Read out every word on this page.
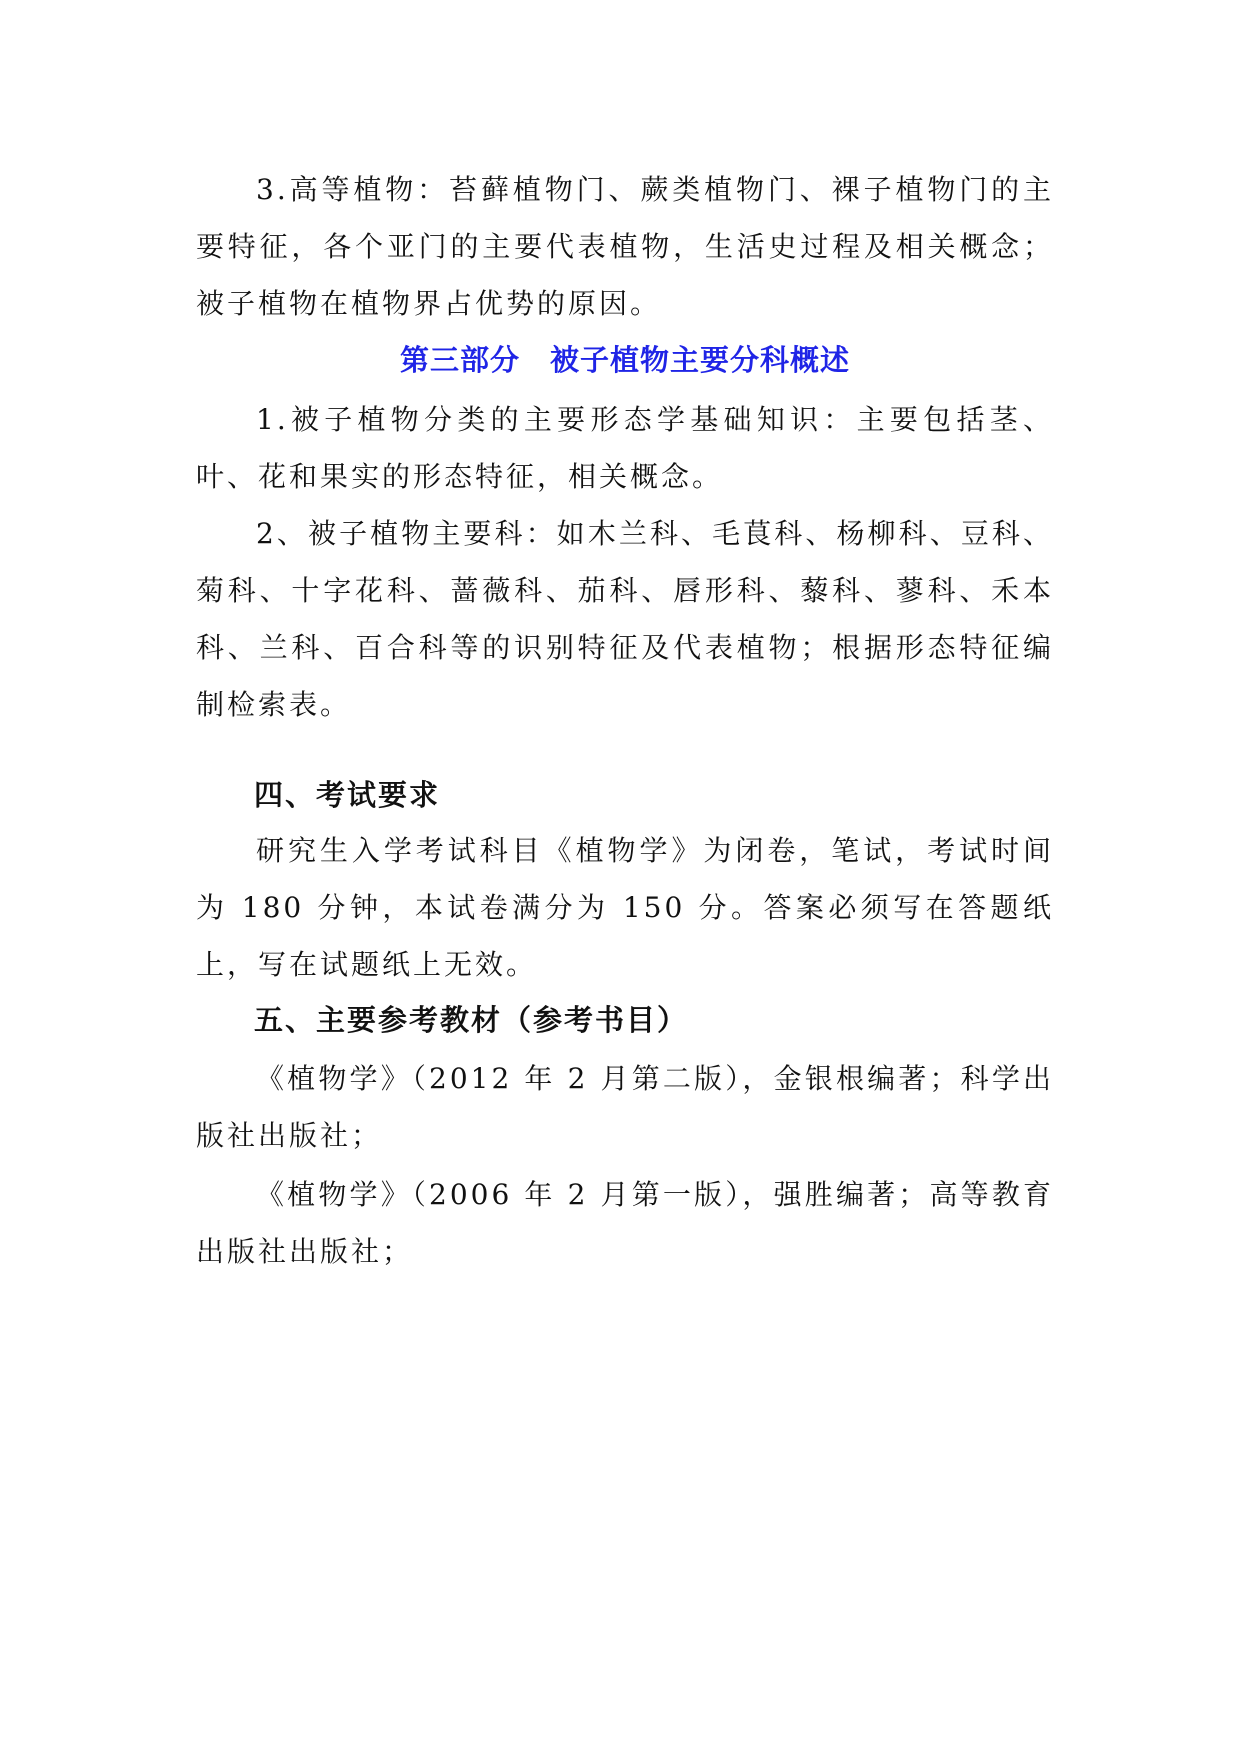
3.高等植物：苔藓植物门、蕨类植物门、裸子植物门的主要特征，各个亚门的主要代表植物，生活史过程及相关概念；被子植物在植物界占优势的原因。

第三部分　被子植物主要分科概述

1.被子植物分类的主要形态学基础知识：主要包括茎、叶、花和果实的形态特征，相关概念。

2、被子植物主要科：如木兰科、毛茛科、杨柳科、豆科、菊科、十字花科、蔷薇科、茄科、唇形科、藜科、蓼科、禾本科、兰科、百合科等的识别特征及代表植物；根据形态特征编制检索表。

四、考试要求

研究生入学考试科目《植物学》为闭卷，笔试，考试时间为 180 分钟，本试卷满分为 150 分。答案必须写在答题纸上，写在试题纸上无效。

五、主要参考教材（参考书目）

《植物学》（2012 年 2 月第二版），金银根编著；科学出版社出版社；

《植物学》（2006 年 2 月第一版），强胜编著；高等教育出版社出版社；
